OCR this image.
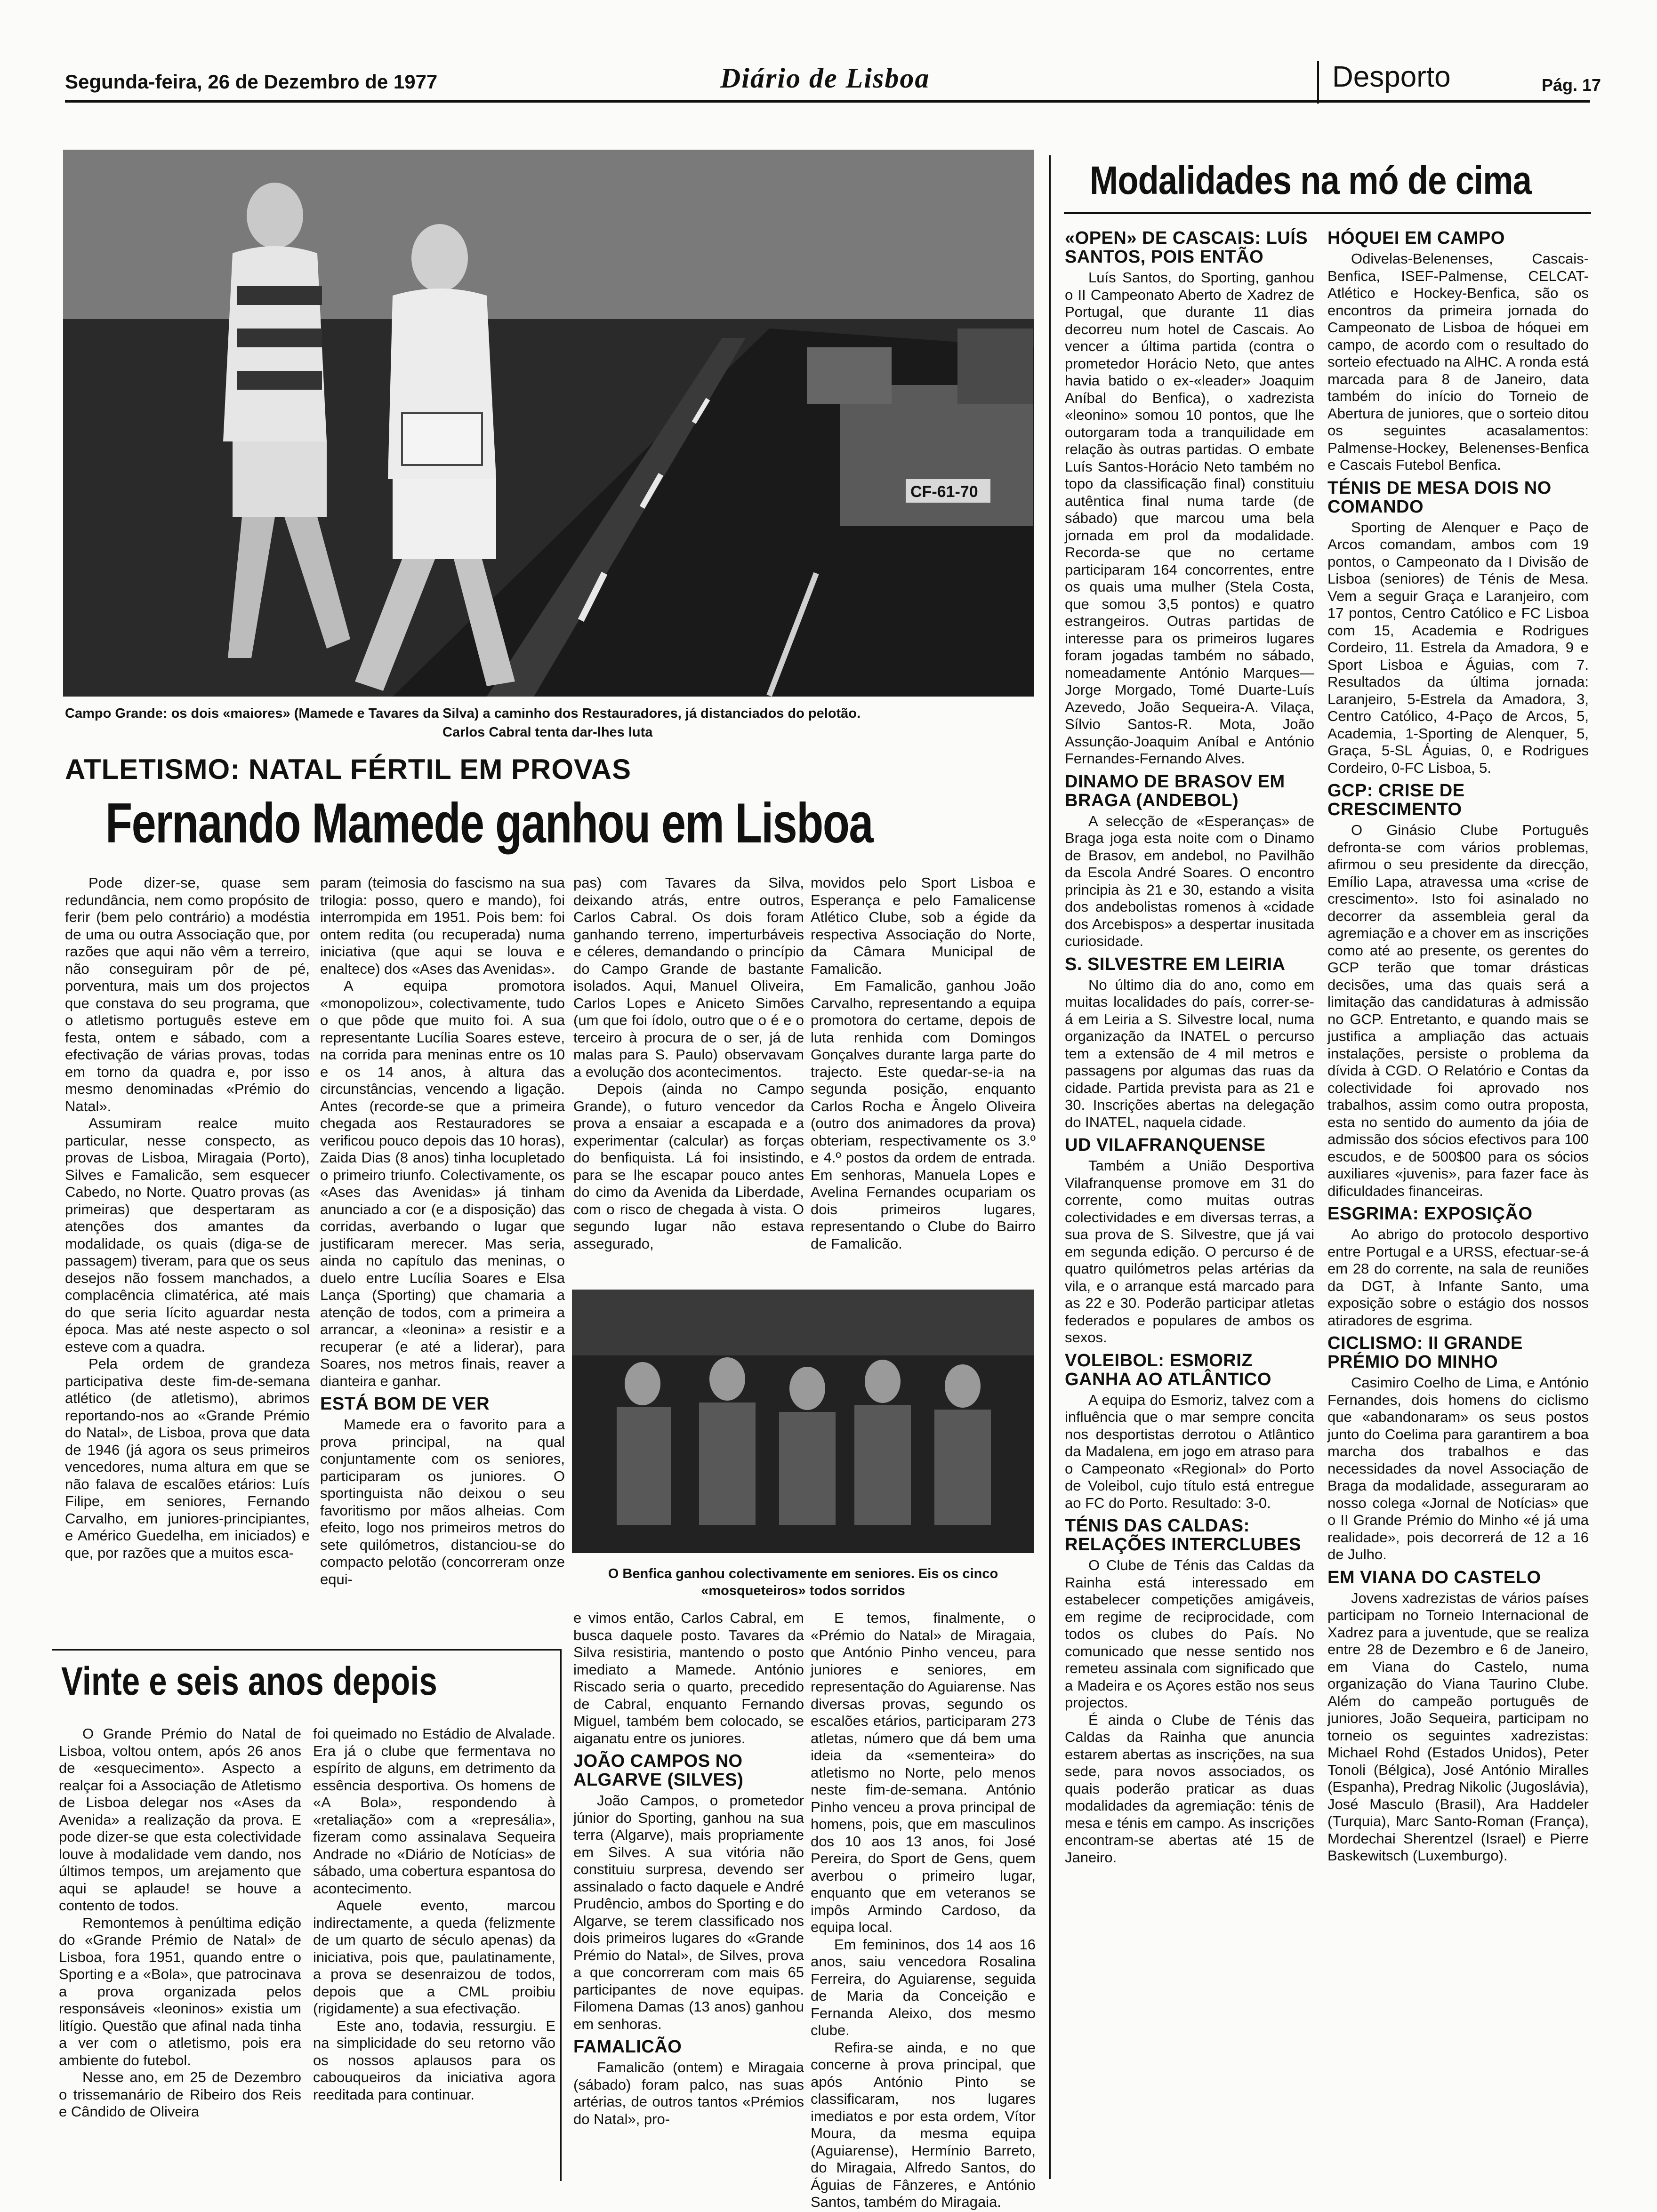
Segunda-feira, 26 de Dezembro de 1977	Diário de Lisboa	Desporto	Pág. 17
CF-61-70
Campo Grande: os dois «maiores» (Mamede e Tavares da Silva) a caminho dos Restauradores, já distanciados do pelotão.
Carlos Cabral tenta dar-lhes luta
ATLETISMO: NATAL FÉRTIL EM PROVAS
Fernando Mamede ganhou em Lisboa

Pode dizer-se, quase sem redundância, nem como propósito de ferir (bem pelo contrário) a modéstia de uma ou outra Associação que, por razões que aqui não vêm a terreiro, não conseguiram pôr de pé, porventura, mais um dos projectos que constava do seu programa, que o atletismo português esteve em festa, ontem e sábado, com a efectivação de várias provas, todas em torno da quadra e, por isso mesmo denominadas «Prémio do Natal».

Assumiram realce muito particular, nesse conspecto, as provas de Lisboa, Miragaia (Porto), Silves e Famalicão, sem esquecer Cabedo, no Norte. Quatro provas (as primeiras) que despertaram as atenções dos amantes da modalidade, os quais (diga-se de passagem) tiveram, para que os seus desejos não fossem manchados, a complacência climatérica, até mais do que seria lícito aguardar nesta época. Mas até neste aspecto o sol esteve com a quadra.

Pela ordem de grandeza participativa deste fim-de-semana atlético (de atletismo), abrimos reportando-nos ao «Grande Prémio do Natal», de Lisboa, prova que data de 1946 (já agora os seus primeiros vencedores, numa altura em que se não falava de escalões etários: Luís Filipe, em seniores, Fernando Carvalho, em juniores-principiantes, e Américo Guedelha, em iniciados) e que, por razões que a muitos esca-

param (teimosia do fascismo na sua trilogia: posso, quero e mando), foi interrompida em 1951. Pois bem: foi ontem redita (ou recuperada) numa iniciativa (que aqui se louva e enaltece) dos «Ases das Avenidas».

A equipa promotora «monopolizou», colectivamente, tudo o que pôde que muito foi. A sua representante Lucília Soares esteve, na corrida para meninas entre os 10 e os 14 anos, à altura das circunstâncias, vencendo a ligação. Antes (recorde-se que a primeira chegada aos Restauradores se verificou pouco depois das 10 horas), Zaida Dias (8 anos) tinha locupletado o primeiro triunfo. Colectivamente, os «Ases das Avenidas» já tinham anunciado a cor (e a disposição) das corridas, averbando o lugar que justificaram merecer. Mas seria, ainda no capítulo das meninas, o duelo entre Lucília Soares e Elsa Lança (Sporting) que chamaria a atenção de todos, com a primeira a arrancar, a «leonina» a resistir e a recuperar (e até a liderar), para Soares, nos metros finais, reaver a dianteira e ganhar.

ESTÁ BOM DE VER

Mamede era o favorito para a prova principal, na qual conjuntamente com os seniores, participaram os juniores. O sportinguista não deixou o seu favoritismo por mãos alheias. Com efeito, logo nos primeiros metros do sete quilómetros, distanciou-se do compacto pelotão (concorreram onze equi-

pas) com Tavares da Silva, deixando atrás, entre outros, Carlos Cabral. Os dois foram ganhando terreno, imperturbáveis e céleres, demandando o princípio do Campo Grande de bastante isolados. Aqui, Manuel Oliveira, Carlos Lopes e Aniceto Simões (um que foi ídolo, outro que o é e o terceiro à procura de o ser, já de malas para S. Paulo) observavam a evolução dos acontecimentos.

Depois (ainda no Campo Grande), o futuro vencedor da prova a ensaiar a escapada e a experimentar (calcular) as forças do benfiquista. Lá foi insistindo, para se lhe escapar pouco antes do cimo da Avenida da Liberdade, com o risco de chegada à vista. O segundo lugar não estava assegurado,

movidos pelo Sport Lisboa e Esperança e pelo Famalicense Atlético Clube, sob a égide da respectiva Associação do Norte, da Câmara Municipal de Famalicão.

Em Famalicão, ganhou João Carvalho, representando a equipa promotora do certame, depois de luta renhida com Domingos Gonçalves durante larga parte do trajecto. Este quedar-se-ia na segunda posição, enquanto Carlos Rocha e Ângelo Oliveira (outro dos animadores da prova) obteriam, respectivamente os 3.º e 4.º postos da ordem de entrada. Em senhoras, Manuela Lopes e Avelina Fernandes ocupariam os dois primeiros lugares, representando o Clube do Bairro de Famalicão.

O Benfica ganhou colectivamente em seniores. Eis os cinco «mosqueteiros» todos sorridos

e vimos então, Carlos Cabral, em busca daquele posto. Tavares da Silva resistiria, mantendo o posto imediato a Mamede. António Riscado seria o quarto, precedido de Cabral, enquanto Fernando Miguel, também bem colocado, se aiganatu entre os juniores.

JOÃO CAMPOS NO ALGARVE (SILVES)

João Campos, o prometedor júnior do Sporting, ganhou na sua terra (Algarve), mais propriamente em Silves. A sua vitória não constituiu surpresa, devendo ser assinalado o facto daquele e André Prudêncio, ambos do Sporting e do Algarve, se terem classificado nos dois primeiros lugares do «Grande Prémio do Natal», de Silves, prova a que concorreram com mais 65 participantes de nove equipas. Filomena Damas (13 anos) ganhou em senhoras.

FAMALICÃO

Famalicão (ontem) e Miragaia (sábado) foram palco, nas suas artérias, de outros tantos «Prémios do Natal», pro-

E temos, finalmente, o «Prémio do Natal» de Miragaia, que António Pinho venceu, para juniores e seniores, em representação do Aguiarense. Nas diversas provas, segundo os escalões etários, participaram 273 atletas, número que dá bem uma ideia da «sementeira» do atletismo no Norte, pelo menos neste fim-de-semana. António Pinho venceu a prova principal de homens, pois, que em masculinos dos 10 aos 13 anos, foi José Pereira, do Sport de Gens, quem averbou o primeiro lugar, enquanto que em veteranos se impôs Armindo Cardoso, da equipa local.

Em femininos, dos 14 aos 16 anos, saiu vencedora Rosalina Ferreira, do Aguiarense, seguida de Maria da Conceição e Fernanda Aleixo, dos mesmo clube.

Refira-se ainda, e no que concerne à prova principal, que após António Pinto se classificaram, nos lugares imediatos e por esta ordem, Vítor Moura, da mesma equipa (Aguiarense), Hermínio Barreto, do Miragaia, Alfredo Santos, do Águias de Fânzeres, e António Santos, também do Miragaia.

Vinte e seis anos depois

O Grande Prémio do Natal de Lisboa, voltou ontem, após 26 anos de «esquecimento». Aspecto a realçar foi a Associação de Atletismo de Lisboa delegar nos «Ases da Avenida» a realização da prova. E pode dizer-se que esta colectividade louve à modalidade vem dando, nos últimos tempos, um arejamento que aqui se aplaude! se houve a contento de todos.

Remontemos à penúltima edição do «Grande Prémio de Natal» de Lisboa, fora 1951, quando entre o Sporting e a «Bola», que patrocinava a prova organizada pelos responsáveis «leoninos» existia um litígio. Questão que afinal nada tinha a ver com o atletismo, pois era ambiente do futebol.

Nesse ano, em 25 de Dezembro o trissemanário de Ribeiro dos Reis e Cândido de Oliveira

foi queimado no Estádio de Alvalade. Era já o clube que fermentava no espírito de alguns, em detrimento da essência desportiva. Os homens de «A Bola», respondendo à «retaliação» com a «represália», fizeram como assinalava Sequeira Andrade no «Diário de Notícias» de sábado, uma cobertura espantosa do acontecimento.

Aquele evento, marcou indirectamente, a queda (felizmente de um quarto de século apenas) da iniciativa, pois que, paulatinamente, a prova se desenraizou de todos, depois que a CML proibiu (rigidamente) a sua efectivação.

Este ano, todavia, ressurgiu. E na simplicidade do seu retorno vão os nossos aplausos para os cabouqueiros da iniciativa agora reeditada para continuar.

Modalidades na mó de cima
«OPEN» DE CASCAIS: LUÍS SANTOS, POIS ENTÃO

Luís Santos, do Sporting, ganhou o II Campeonato Aberto de Xadrez de Portugal, que durante 11 dias decorreu num hotel de Cascais. Ao vencer a última partida (contra o prometedor Horácio Neto, que antes havia batido o ex-«leader» Joaquim Aníbal do Benfica), o xadrezista «leonino» somou 10 pontos, que lhe outorgaram toda a tranquilidade em relação às outras partidas. O embate Luís Santos-Horácio Neto também no topo da classificação final) constituiu autêntica final numa tarde (de sábado) que marcou uma bela jornada em prol da modalidade. Recorda-se que no certame participaram 164 concorrentes, entre os quais uma mulher (Stela Costa, que somou 3,5 pontos) e quatro estrangeiros. Outras partidas de interesse para os primeiros lugares foram jogadas também no sábado, nomeadamente António Marques—Jorge Morgado, Tomé Duarte-Luís Azevedo, João Sequeira-A. Vilaça, Sílvio Santos-R. Mota, João Assunção-Joaquim Aníbal e António Fernandes-Fernando Alves.

DINAMO DE BRASOV EM BRAGA (ANDEBOL)

A selecção de «Esperanças» de Braga joga esta noite com o Dinamo de Brasov, em andebol, no Pavilhão da Escola André Soares. O encontro principia às 21 e 30, estando a visita dos andebolistas romenos à «cidade dos Arcebispos» a despertar inusitada curiosidade.

S. SILVESTRE EM LEIRIA

No último dia do ano, como em muitas localidades do país, correr-se-á em Leiria a S. Silvestre local, numa organização da INATEL o percurso tem a extensão de 4 mil metros e passagens por algumas das ruas da cidade. Partida prevista para as 21 e 30. Inscrições abertas na delegação do INATEL, naquela cidade.

UD VILAFRANQUENSE

Também a União Desportiva Vilafranquense promove em 31 do corrente, como muitas outras colectividades e em diversas terras, a sua prova de S. Silvestre, que já vai em segunda edição. O percurso é de quatro quilómetros pelas artérias da vila, e o arranque está marcado para as 22 e 30. Poderão participar atletas federados e populares de ambos os sexos.

VOLEIBOL: ESMORIZ GANHA AO ATLÂNTICO

A equipa do Esmoriz, talvez com a influência que o mar sempre concita nos desportistas derrotou o Atlântico da Madalena, em jogo em atraso para o Campeonato «Regional» do Porto de Voleibol, cujo título está entregue ao FC do Porto. Resultado: 3-0.

TÉNIS DAS CALDAS: RELAÇÕES INTERCLUBES

O Clube de Ténis das Caldas da Rainha está interessado em estabelecer competições amigáveis, em regime de reciprocidade, com todos os clubes do País. No comunicado que nesse sentido nos remeteu assinala com significado que a Madeira e os Açores estão nos seus projectos.

É ainda o Clube de Ténis das Caldas da Rainha que anuncia estarem abertas as inscrições, na sua sede, para novos associados, os quais poderão praticar as duas modalidades da agremiação: ténis de mesa e ténis em campo. As inscrições encontram-se abertas até 15 de Janeiro.

HÓQUEI EM CAMPO

Odivelas-Belenenses, Cascais-Benfica, ISEF-Palmense, CELCAT-Atlético e Hockey-Benfica, são os encontros da primeira jornada do Campeonato de Lisboa de hóquei em campo, de acordo com o resultado do sorteio efectuado na AlHC. A ronda está marcada para 8 de Janeiro, data também do início do Torneio de Abertura de juniores, que o sorteio ditou os seguintes acasalamentos: Palmense-Hockey, Belenenses-Benfica e Cascais Futebol Benfica.

TÉNIS DE MESA DOIS NO COMANDO

Sporting de Alenquer e Paço de Arcos comandam, ambos com 19 pontos, o Campeonato da I Divisão de Lisboa (seniores) de Ténis de Mesa. Vem a seguir Graça e Laranjeiro, com 17 pontos, Centro Católico e FC Lisboa com 15, Academia e Rodrigues Cordeiro, 11. Estrela da Amadora, 9 e Sport Lisboa e Águias, com 7. Resultados da última jornada: Laranjeiro, 5-Estrela da Amadora, 3, Centro Católico, 4-Paço de Arcos, 5, Academia, 1-Sporting de Alenquer, 5, Graça, 5-SL Águias, 0, e Rodrigues Cordeiro, 0-FC Lisboa, 5.

GCP: CRISE DE CRESCIMENTO

O Ginásio Clube Português defronta-se com vários problemas, afirmou o seu presidente da direcção, Emílio Lapa, atravessa uma «crise de crescimento». Isto foi asinalado no decorrer da assembleia geral da agremiação e a chover em as inscrições como até ao presente, os gerentes do GCP terão que tomar drásticas decisões, uma das quais será a limitação das candidaturas à admissão no GCP. Entretanto, e quando mais se justifica a ampliação das actuais instalações, persiste o problema da dívida à CGD. O Relatório e Contas da colectividade foi aprovado nos trabalhos, assim como outra proposta, esta no sentido do aumento da jóia de admissão dos sócios efectivos para 100 escudos, e de 500$00 para os sócios auxiliares «juvenis», para fazer face às dificuldades financeiras.

ESGRIMA: EXPOSIÇÃO

Ao abrigo do protocolo desportivo entre Portugal e a URSS, efectuar-se-á em 28 do corrente, na sala de reuniões da DGT, à Infante Santo, uma exposição sobre o estágio dos nossos atiradores de esgrima.

CICLISMO: II GRANDE PRÉMIO DO MINHO

Casimiro Coelho de Lima, e António Fernandes, dois homens do ciclismo que «abandonaram» os seus postos junto do Coelima para garantirem a boa marcha dos trabalhos e das necessidades da novel Associação de Braga da modalidade, asseguraram ao nosso colega «Jornal de Notícias» que o II Grande Prémio do Minho «é já uma realidade», pois decorrerá de 12 a 16 de Julho.

EM VIANA DO CASTELO

Jovens xadrezistas de vários países participam no Torneio Internacional de Xadrez para a juventude, que se realiza entre 28 de Dezembro e 6 de Janeiro, em Viana do Castelo, numa organização do Viana Taurino Clube. Além do campeão português de juniores, João Sequeira, participam no torneio os seguintes xadrezistas: Michael Rohd (Estados Unidos), Peter Tonoli (Bélgica), José António Miralles (Espanha), Predrag Nikolic (Jugoslávia), José Masculo (Brasil), Ara Haddeler (Turquia), Marc Santo-Roman (França), Mordechai Sherentzel (Israel) e Pierre Baskewitsch (Luxemburgo).
